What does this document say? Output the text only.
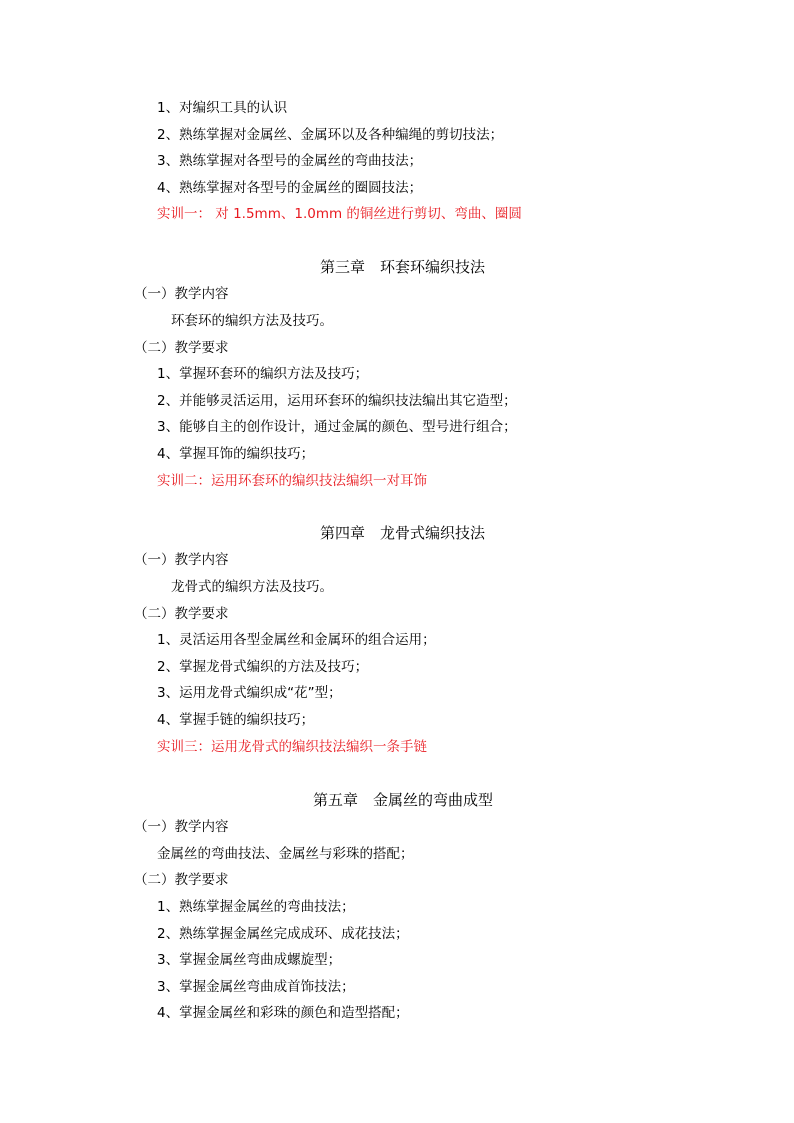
1、对编织工具的认识
2、熟练掌握对金属丝、金属环以及各种编绳的剪切技法；
3、熟练掌握对各型号的金属丝的弯曲技法；
4、熟练掌握对各型号的金属丝的圈圆技法；
实训一： 对 1.5mm、1.0mm 的铜丝进行剪切、弯曲、圈圆
第三章　环套环编织技法
（一）教学内容
环套环的编织方法及技巧。
（二）教学要求
1、掌握环套环的编织方法及技巧；
2、并能够灵活运用，运用环套环的编织技法编出其它造型；
3、能够自主的创作设计，通过金属的颜色、型号进行组合；
4、掌握耳饰的编织技巧；
实训二：运用环套环的编织技法编织一对耳饰
第四章　龙骨式编织技法
（一）教学内容
龙骨式的编织方法及技巧。
（二）教学要求
1、灵活运用各型金属丝和金属环的组合运用；
2、掌握龙骨式编织的方法及技巧；
3、运用龙骨式编织成“花”型；
4、掌握手链的编织技巧；
实训三：运用龙骨式的编织技法编织一条手链
第五章　金属丝的弯曲成型
（一）教学内容
金属丝的弯曲技法、金属丝与彩珠的搭配；
（二）教学要求
1、熟练掌握金属丝的弯曲技法；
2、熟练掌握金属丝完成成环、成花技法；
3、掌握金属丝弯曲成螺旋型；
3、掌握金属丝弯曲成首饰技法；
4、掌握金属丝和彩珠的颜色和造型搭配；
